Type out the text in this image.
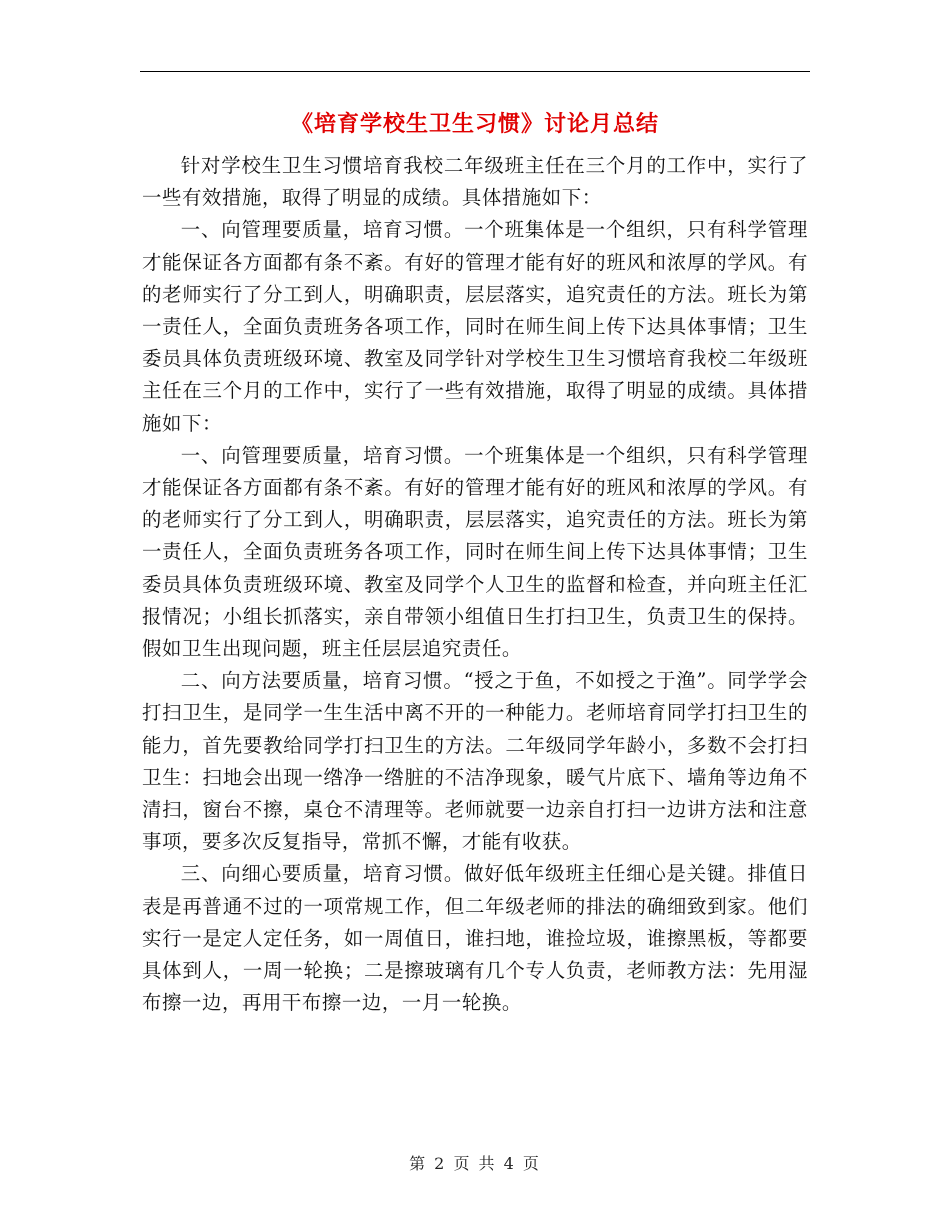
《培育学校生卫生习惯》讨论月总结

针对学校生卫生习惯培育我校二年级班主任在三个月的工作中，实行了一些有效措施，取得了明显的成绩。具体措施如下：

一、向管理要质量，培育习惯。一个班集体是一个组织，只有科学管理才能保证各方面都有条不紊。有好的管理才能有好的班风和浓厚的学风。有的老师实行了分工到人，明确职责，层层落实，追究责任的方法。班长为第一责任人，全面负责班务各项工作，同时在师生间上传下达具体事情；卫生委员具体负责班级环境、教室及同学针对学校生卫生习惯培育我校二年级班主任在三个月的工作中，实行了一些有效措施，取得了明显的成绩。具体措施如下：

一、向管理要质量，培育习惯。一个班集体是一个组织，只有科学管理才能保证各方面都有条不紊。有好的管理才能有好的班风和浓厚的学风。有的老师实行了分工到人，明确职责，层层落实，追究责任的方法。班长为第一责任人，全面负责班务各项工作，同时在师生间上传下达具体事情；卫生委员具体负责班级环境、教室及同学个人卫生的监督和检查，并向班主任汇报情况；小组长抓落实，亲自带领小组值日生打扫卫生，负责卫生的保持。假如卫生出现问题，班主任层层追究责任。

二、向方法要质量，培育习惯。“授之于鱼，不如授之于渔”。同学学会打扫卫生，是同学一生生活中离不开的一种能力。老师培育同学打扫卫生的能力，首先要教给同学打扫卫生的方法。二年级同学年龄小，多数不会打扫卫生：扫地会出现一绺净一绺脏的不洁净现象，暖气片底下、墙角等边角不清扫，窗台不擦，桌仓不清理等。老师就要一边亲自打扫一边讲方法和注意事项，要多次反复指导，常抓不懈，才能有收获。

三、向细心要质量，培育习惯。做好低年级班主任细心是关键。排值日表是再普通不过的一项常规工作，但二年级老师的排法的确细致到家。他们实行一是定人定任务，如一周值日，谁扫地，谁捡垃圾，谁擦黑板，等都要具体到人，一周一轮换；二是擦玻璃有几个专人负责，老师教方法：先用湿布擦一边，再用干布擦一边，一月一轮换。

第 2 页 共 4 页
